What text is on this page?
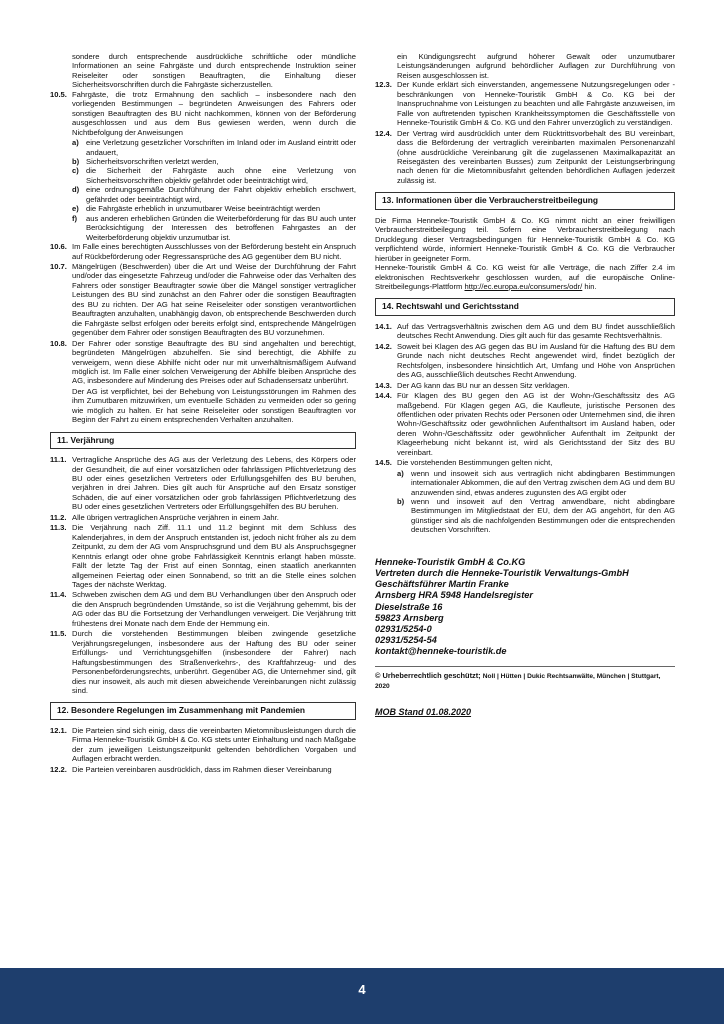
sondere durch entsprechende ausdrückliche schriftliche oder mündliche Informationen an seine Fahrgäste und durch entsprechende Instruktion seiner Reiseleiter oder sonstigen Beauftragten, die Einhaltung dieser Sicherheitsvorschriften durch die Fahrgäste sicherzustellen.

10.5. Fahrgäste, die trotz Ermahnung den sachlich – insbesondere nach den vorliegenden Bestimmungen – begründeten Anweisungen des Fahrers oder sonstigen Beauftragten des BU nicht nachkommen, können von der Beförderung ausgeschlossen und aus dem Bus gewiesen werden, wenn durch die Nichtbefolgung der Anweisungen
a) eine Verletzung gesetzlicher Vorschriften im Inland oder im Ausland eintritt oder andauert,
b) Sicherheitsvorschriften verletzt werden,
c) die Sicherheit der Fahrgäste auch ohne eine Verletzung von Sicherheitsvorschriften objektiv gefährdet oder beeinträchtigt wird,
d) eine ordnungsgemäße Durchführung der Fahrt objektiv erheblich erschwert, gefährdet oder beeinträchtigt wird,
e) die Fahrgäste erheblich in unzumutbarer Weise beeinträchtigt werden
f)	aus anderen erheblichen Gründen die Weiterbeförderung für das BU auch unter Berücksichtigung der Interessen des betroffenen Fahrgastes an der Weiterbeförderung objektiv unzumutbar ist.
10.6. Im Falle eines berechtigten Ausschlusses von der Beförderung besteht ein Anspruch auf Rückbeförderung oder Regressansprüche des AG gegenüber dem BU nicht.
10.7. Mängelrügen (Beschwerden) über die Art und Weise der Durchführung der Fahrt und/oder das eingesetzte Fahrzeug und/oder die Fahrweise oder das Verhalten des Fahrers oder sonstiger Beauftragter sowie über die Mängel sonstiger vertraglicher Leistungen des BU sind zunächst an den Fahrer oder die sonstigen Beauftragten des BU zu richten. Der AG hat seine Reiseleiter oder sonstigen verantwortlichen Beauftragten anzuhalten, unabhängig davon, ob entsprechende Beschwerden durch die Fahrgäste selbst erfolgen oder bereits erfolgt sind, entsprechende Mängelrügen gegenüber dem Fahrer oder sonstigen Beauftragten des BU vorzunehmen.
10.8. Der Fahrer oder sonstige Beauftragte des BU sind angehalten und berechtigt, begründeten Mängelrügen abzuhelfen. Sie sind berechtigt, die Abhilfe zu verweigern, wenn diese Abhilfe nicht oder nur mit unverhältnismäßigem Aufwand möglich ist. Im Falle einer solchen Verweigerung der Abhilfe bleiben Ansprüche des AG, insbesondere auf Minderung des Preises oder auf Schadensersatz unberührt.

Der AG ist verpflichtet, bei der Behebung von Leistungsstörungen im Rahmen des ihm Zumutbaren mitzuwirken, um eventuelle Schäden zu vermeiden oder so gering wie möglich zu halten. Er hat seine Reiseleiter oder sonstigen Beauftragten vor Beginn der Fahrt zu einem entsprechenden Verhalten anzuhalten.

11. Verjährung
11.1. Vertragliche Ansprüche des AG aus der Verletzung des Lebens, des Körpers oder der Gesundheit, die auf einer vorsätzlichen oder fahrlässigen Pflichtverletzung des BU oder eines gesetzlichen Vertreters oder Erfüllungsgehilfen des BU beruhen, verjähren in drei Jahren. Dies gilt auch für Ansprüche auf den Ersatz sonstiger Schäden, die auf einer vorsätzlichen oder grob fahrlässigen Pflichtverletzung des BU oder eines gesetzlichen Vertreters oder Erfüllungsgehilfen des BU beruhen.
11.2. Alle übrigen vertraglichen Ansprüche verjähren in einem Jahr.
11.3. Die Verjährung nach Ziff. 11.1 und 11.2 beginnt mit dem Schluss des Kalenderjahres, in dem der Anspruch entstanden ist, jedoch nicht früher als zu dem Zeitpunkt, zu dem der AG vom Anspruchsgrund und dem BU als Anspruchsgegner Kenntnis erlangt oder ohne grobe Fahrlässigkeit Kenntnis erlangt haben müsste. Fällt der letzte Tag der Frist auf einen Sonntag, einen staatlich anerkannten allgemeinen Feiertag oder einen Sonnabend, so tritt an die Stelle eines solchen Tages der nächste Werktag.
11.4. Schweben zwischen dem AG und dem BU Verhandlungen über den Anspruch oder die den Anspruch begründenden Umstände, so ist die Verjährung gehemmt, bis der AG oder das BU die Fortsetzung der Verhandlungen verweigert. Die Verjährung tritt frühestens drei Monate nach dem Ende der Hemmung ein.
11.5. Durch die vorstehenden Bestimmungen bleiben zwingende gesetzliche Verjährungsregelungen, insbesondere aus der Haftung des BU oder seiner Erfüllungs- und Verrichtungsgehilfen (insbesondere der Fahrer) nach Haftungsbestimmungen des Straßenverkehrs-, des Kraftfahrzeug- und des Personenbeförderungsrechts, unberührt. Gegenüber AG, die Unternehmer sind, gilt dies nur insoweit, als auch mit diesen abweichende Vereinbarungen nicht zulässig sind.
12. Besondere Regelungen im Zusammenhang mit Pandemien
12.1. Die Parteien sind sich einig, dass die vereinbarten Mietomnibusleistungen durch die Firma Henneke-Touristik GmbH & Co. KG stets unter Einhaltung und nach Maßgabe der zum jeweiligen Leistungszeitpunkt geltenden behördlichen Vorgaben und Auflagen erbracht werden.
12.2. Die Parteien vereinbaren ausdrücklich, dass im Rahmen dieser Vereinbarung

ein Kündigungsrecht aufgrund höherer Gewalt oder unzumutbarer Leistungsänderungen aufgrund behördlicher Auflagen zur Durchführung von Reisen ausgeschlossen ist.

12.3. Der Kunde erklärt sich einverstanden, angemessene Nutzungsregelungen oder -beschränkungen von Henneke-Touristik GmbH & Co. KG bei der Inanspruchnahme von Leistungen zu beachten und alle Fahrgäste anzuweisen, im Falle von auftretenden typischen Krankheitssymptomen die Geschäftsstelle von Henneke-Touristik GmbH & Co. KG und den Fahrer unverzüglich zu verständigen.
12.4. Der Vertrag wird ausdrücklich unter dem Rücktrittsvorbehalt des BU vereinbart, dass die Beförderung der vertraglich vereinbarten maximalen Personenanzahl (ohne ausdrückliche Vereinbarung gilt die zugelassenen Maximalkapazität an Reisegästen des vereinbarten Busses) zum Zeitpunkt der Leistungserbringung nach denen für die Mietomnibusfahrt geltenden behördlichen Auflagen jederzeit zulässig ist.
13. Informationen über die Verbraucherstreitbeilegung

Die Firma Henneke-Touristik GmbH & Co. KG nimmt nicht an einer freiwilligen Verbraucherstreitbeilegung teil. Sofern eine Verbraucherstreitbeilegung nach Drucklegung dieser Vertragsbedingungen für Henneke-Touristik GmbH & Co. KG verpflichtend würde, informiert Henneke-Touristik GmbH & Co. KG die Verbraucher hierüber in geeigneter Form.

Henneke-Touristik GmbH & Co. KG weist für alle Verträge, die nach Ziffer 2.4 im elektronischen Rechtsverkehr geschlossen wurden, auf die europäische Online-Streitbeilegungs-Plattform http://ec.europa.eu/consumers/odr/ hin.

14. Rechtswahl und Gerichtsstand
14.1. Auf das Vertragsverhältnis zwischen dem AG und dem BU findet ausschließlich deutsches Recht Anwendung. Dies gilt auch für das gesamte Rechtsverhältnis.
14.2. Soweit bei Klagen des AG gegen das BU im Ausland für die Haftung des BU dem Grunde nach nicht deutsches Recht angewendet wird, findet bezüglich der Rechtsfolgen, insbesondere hinsichtlich Art, Umfang und Höhe von Ansprüchen des AG, ausschließlich deutsches Recht Anwendung.
14.3. Der AG kann das BU nur an dessen Sitz verklagen.
14.4. Für Klagen des BU gegen den AG ist der Wohn-/Geschäftssitz des AG maßgebend. Für Klagen gegen AG, die Kaufleute, juristische Personen des öffentlichen oder privaten Rechts oder Personen oder Unternehmen sind, die ihren Wohn-/Geschäftssitz oder gewöhnlichen Aufenthaltsort im Ausland haben, oder deren Wohn-/Geschäftssitz oder gewöhnlicher Aufenthalt im Zeitpunkt der Klageerhebung nicht bekannt ist, wird als Gerichtsstand der Sitz des BU vereinbart.
14.5. Die vorstehenden Bestimmungen gelten nicht,
a) wenn und insoweit sich aus vertraglich nicht abdingbaren Bestimmungen internationaler Abkommen, die auf den Vertrag zwischen dem AG und dem BU anzuwenden sind, etwas anderes zugunsten des AG ergibt oder
b) wenn und insoweit auf den Vertrag anwendbare, nicht abdingbare Bestimmungen im Mitgliedstaat der EU, dem der AG angehört, für den AG günstiger sind als die nachfolgenden Bestimmungen oder die entsprechenden deutschen Vorschriften.
Henneke-Touristik GmbH & Co.KG
Vertreten durch die Henneke-Touristik Verwaltungs-GmbH
Geschäftsführer Martin Franke
Arnsberg HRA 5948 Handelsregister
Dieselstraße 16
59823 Arnsberg
02931/5254-0
02931/5254-54
kontakt@henneke-touristik.de
© Urheberrechtlich geschützt; Noll | Hütten | Dukic Rechtsanwälte, München | Stuttgart, 2020
MOB Stand 01.08.2020
4
